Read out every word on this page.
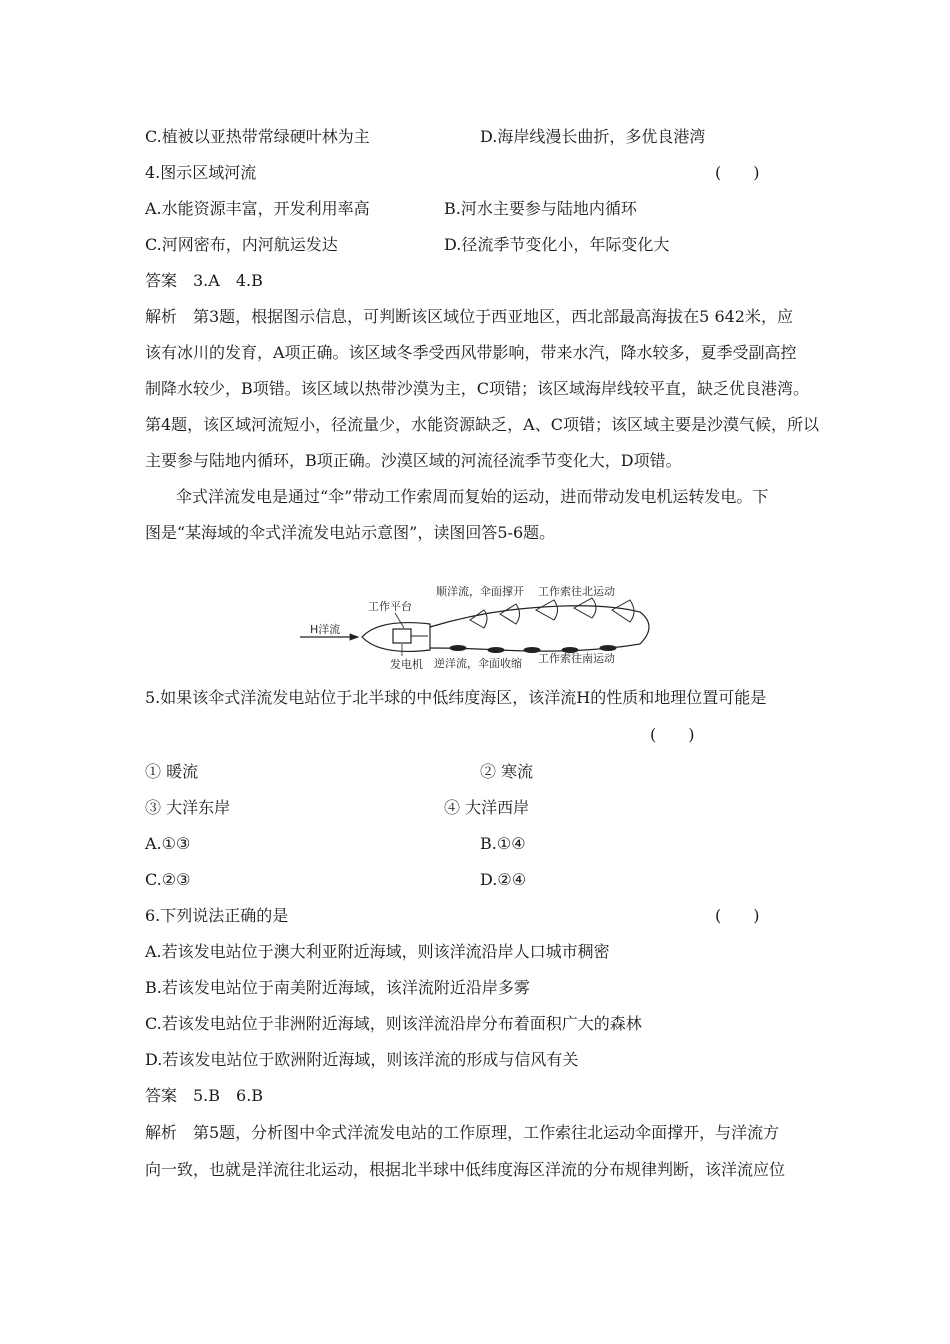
C.植被以亚热带常绿硬叶林为主	D.海岸线漫长曲折，多优良港湾
4.图示区域河流	(　　)
A.水能资源丰富，开发利用率高	B.河水主要参与陆地内循环
C.河网密布，内河航运发达	D.径流季节变化小，年际变化大
答案　3.A　4.B
解析　第3题，根据图示信息，可判断该区域位于西亚地区，西北部最高海拔在5 642米，应
该有冰川的发育，A项正确。该区域冬季受西风带影响，带来水汽，降水较多，夏季受副高控
制降水较少，B项错。该区域以热带沙漠为主，C项错；该区域海岸线较平直，缺乏优良港湾。
第4题，该区域河流短小，径流量少，水能资源缺乏，A、C项错；该区域主要是沙漠气候，所以
主要参与陆地内循环，B项正确。沙漠区域的河流径流季节变化大，D项错。
伞式洋流发电是通过“伞”带动工作索周而复始的运动，进而带动发电机运转发电。下
图是“某海域的伞式洋流发电站示意图”，读图回答5-6题。
H洋流
工作平台
发电机
顺洋流，伞面撑开 工作索往北运动
逆洋流，伞面收缩 工作索往南运动
5.如果该伞式洋流发电站位于北半球的中低纬度海区，该洋流H的性质和地理位置可能是
(　　)
① 暖流	② 寒流
③ 大洋东岸	④ 大洋西岸
A.①③	B.①④
C.②③	D.②④
6.下列说法正确的是	(　　)
A.若该发电站位于澳大利亚附近海域，则该洋流沿岸人口城市稠密
B.若该发电站位于南美附近海域，该洋流附近沿岸多雾
C.若该发电站位于非洲附近海域，则该洋流沿岸分布着面积广大的森林
D.若该发电站位于欧洲附近海域，则该洋流的形成与信风有关
答案　5.B　6.B
解析　第5题，分析图中伞式洋流发电站的工作原理，工作索往北运动伞面撑开，与洋流方
向一致，也就是洋流往北运动，根据北半球中低纬度海区洋流的分布规律判断，该洋流应位
